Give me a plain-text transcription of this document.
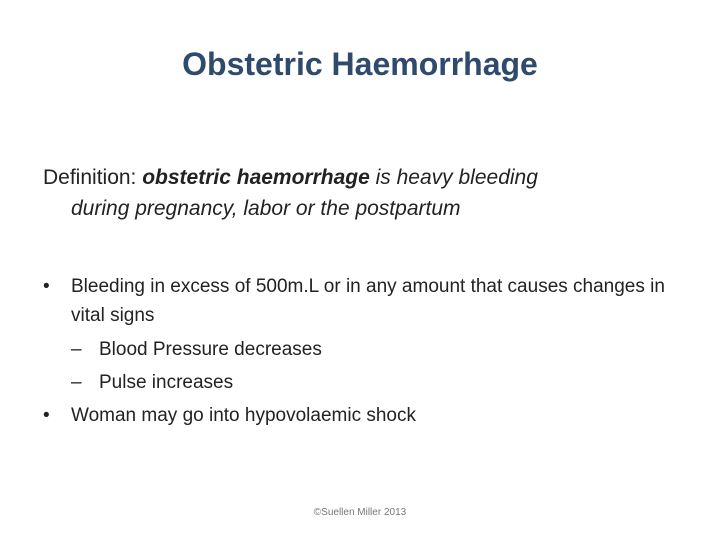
Obstetric Haemorrhage
Definition: obstetric haemorrhage is heavy bleeding
during pregnancy, labor or the postpartum
•	Bleeding in excess of 500m.L or in any amount that causes changes in vital signs
– Blood Pressure decreases
– Pulse increases
•	Woman may go into hypovolaemic shock
©Suellen Miller 2013
